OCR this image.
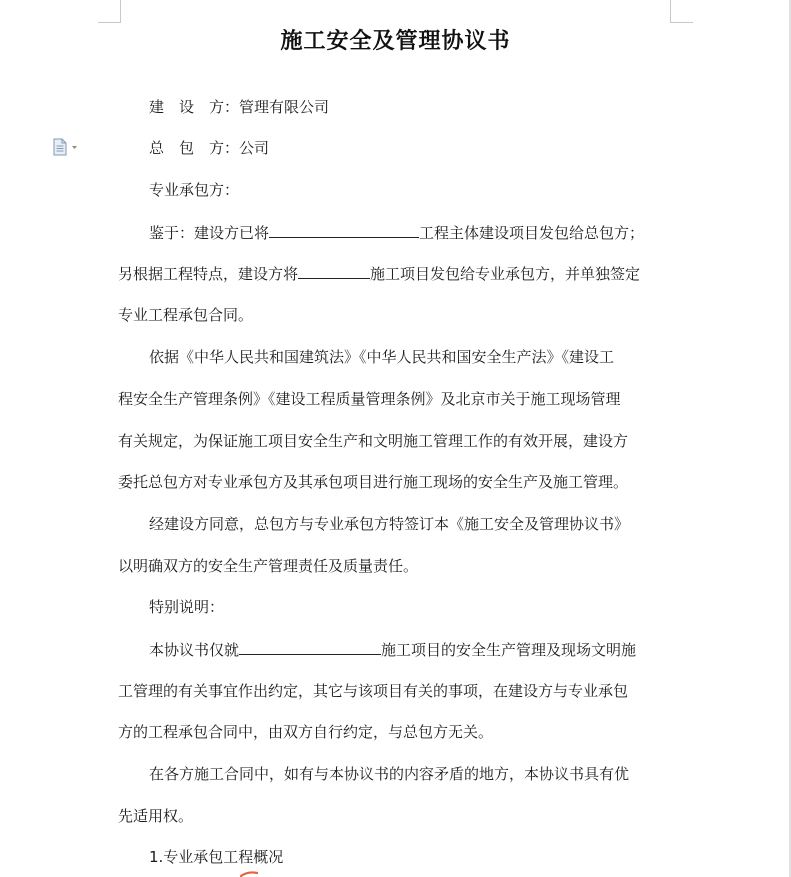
施工安全及管理协议书
建　设　方：管理有限公司
总　包　方：公司
专业承包方：
鉴于：建设方已将	工程主体建设项目发包给总包方；
另根据工程特点，建设方将	施工项目发包给专业承包方，并单独签定
专业工程承包合同。
依据《中华人民共和国建筑法》《中华人民共和国安全生产法》《建设工
程安全生产管理条例》《建设工程质量管理条例》及北京市关于施工现场管理
有关规定，为保证施工项目安全生产和文明施工管理工作的有效开展，建设方
委托总包方对专业承包方及其承包项目进行施工现场的安全生产及施工管理。
经建设方同意，总包方与专业承包方特签订本《施工安全及管理协议书》
以明确双方的安全生产管理责任及质量责任。
特别说明：
本协议书仅就	施工项目的安全生产管理及现场文明施
工管理的有关事宜作出约定，其它与该项目有关的事项，在建设方与专业承包
方的工程承包合同中，由双方自行约定，与总包方无关。
在各方施工合同中，如有与本协议书的内容矛盾的地方，本协议书具有优
先适用权。
1.专业承包工程概况
